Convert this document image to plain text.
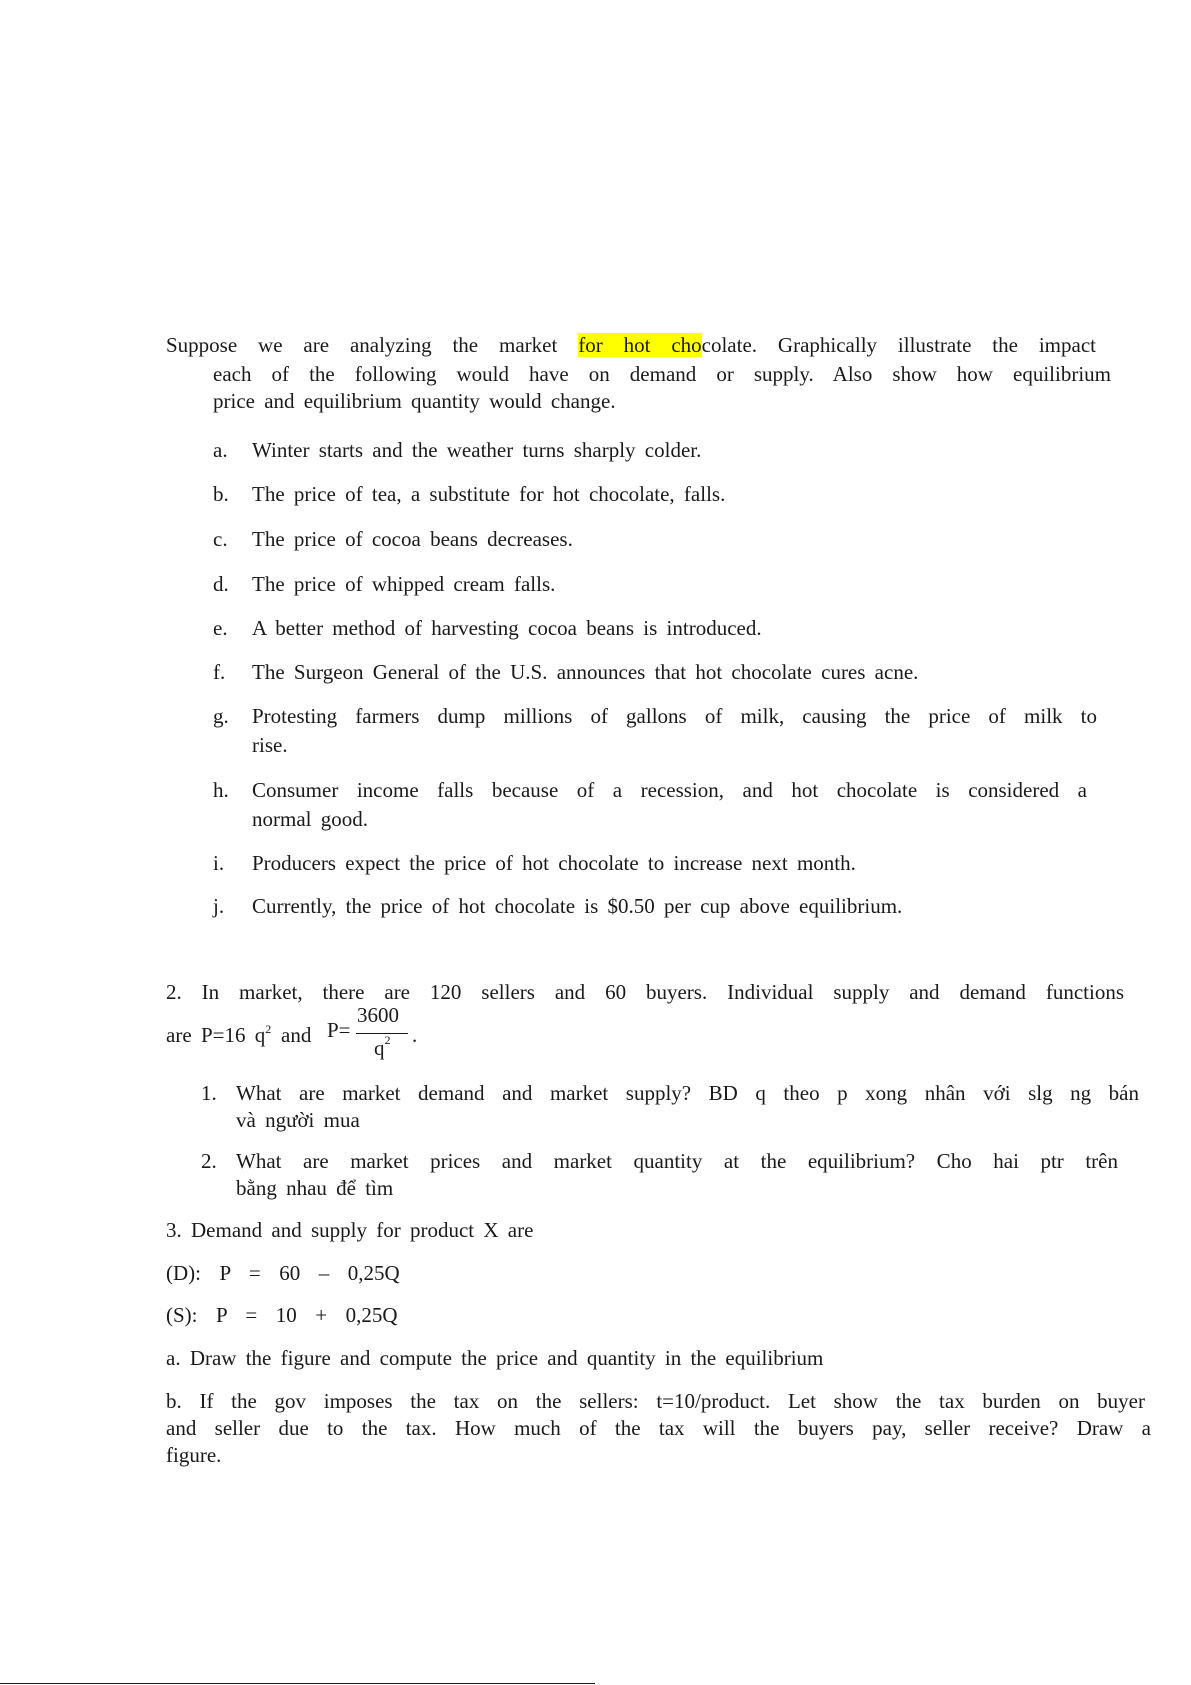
Suppose we are analyzing the market for hot chocolate. Graphically illustrate the impact
each of the following would have on demand or supply. Also show how equilibrium
price and equilibrium quantity would change.
a. Winter starts and the weather turns sharply colder.
b. The price of tea, a substitute for hot chocolate, falls.
c. The price of cocoa beans decreases.
d. The price of whipped cream falls.
e. A better method of harvesting cocoa beans is introduced.
f. The Surgeon General of the U.S. announces that hot chocolate cures acne.
g. Protesting farmers dump millions of gallons of milk, causing the price of milk to
rise.
h. Consumer income falls because of a recession, and hot chocolate is considered a
normal good.
i. Producers expect the price of hot chocolate to increase next month.
j. Currently, the price of hot chocolate is $0.50 per cup above equilibrium.
2. In market, there are 120 sellers and 60 buyers. Individual supply and demand functions
are P=16 $q^2$ and P=
3600
$q^2$ .
1. What are market demand and market supply? BD q theo p xong nhân với slg ng bán
và người mua
2. What are market prices and market quantity at the equilibrium? Cho hai ptr trên
bằng nhau để tìm
3. Demand and supply for product X are
(D):  P  =  60  –  0,25Q
(S):  P  =  10  +  0,25Q
a. Draw the figure and compute the price and quantity in the equilibrium
b. If the gov imposes the tax on the sellers: t=10/product. Let show the tax burden on buyer
and seller due to the tax. How much of the tax will the buyers pay, seller receive? Draw a
figure.
